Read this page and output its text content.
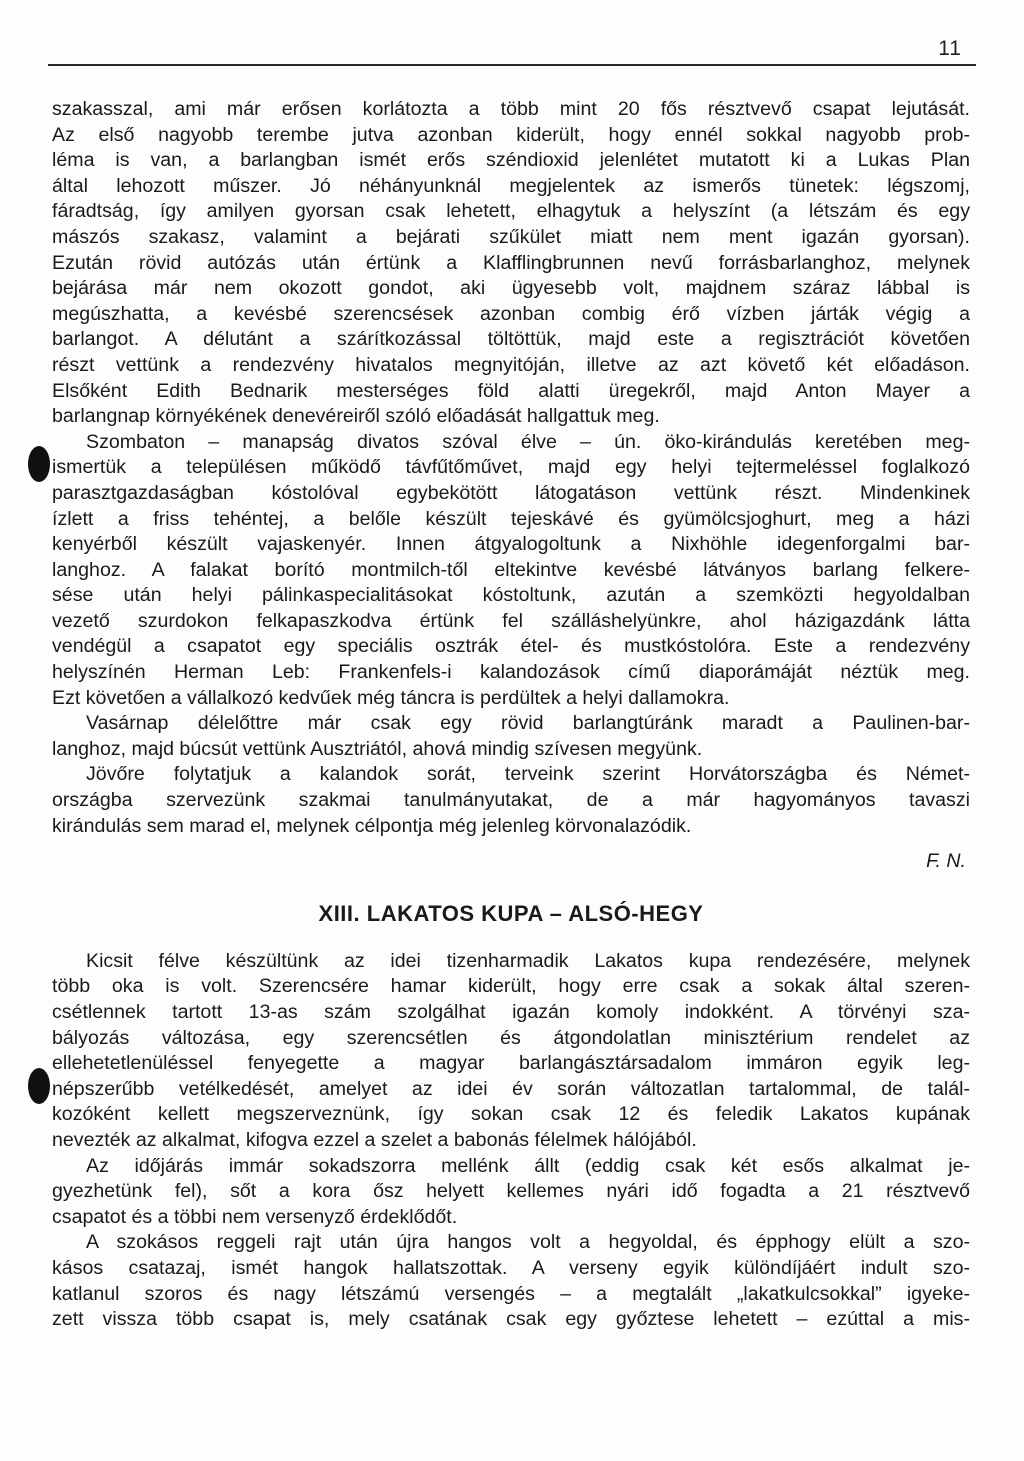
11
szakasszal, ami már erősen korlátozta a több mint 20 fős résztvevő csapat lejutását.
Az első nagyobb terembe jutva azonban kiderült, hogy ennél sokkal nagyobb prob-
léma is van, a barlangban ismét erős széndioxid jelenlétet mutatott ki a Lukas Plan
által lehozott műszer. Jó néhányunknál megjelentek az ismerős tünetek: légszomj,
fáradtság, így amilyen gyorsan csak lehetett, elhagytuk a helyszínt (a létszám és egy
mászós szakasz, valamint a bejárati szűkület miatt nem ment igazán gyorsan).
Ezután rövid autózás után értünk a Klafflingbrunnen nevű forrásbarlanghoz, melynek
bejárása már nem okozott gondot, aki ügyesebb volt, majdnem száraz lábbal is
megúszhatta, a kevésbé szerencsések azonban combig érő vízben járták végig a
barlangot. A délutánt a szárítkozással töltöttük, majd este a regisztrációt követően
részt vettünk a rendezvény hivatalos megnyitóján, illetve az azt követő két előadáson.
Elsőként Edith Bednarik mesterséges föld alatti üregekről, majd Anton Mayer a
barlangnap környékének denevéreiről szóló előadását hallgattuk meg.
Szombaton – manapság divatos szóval élve – ún. öko-kirándulás keretében meg-
ismertük a településen működő távfűtőművet, majd egy helyi tejtermeléssel foglalkozó
parasztgazdaságban kóstolóval egybekötött látogatáson vettünk részt. Mindenkinek
ízlett a friss tehéntej, a belőle készült tejeskávé és gyümölcsjoghurt, meg a házi
kenyérből készült vajaskenyér. Innen átgyalogoltunk a Nixhöhle idegenforgalmi bar-
langhoz. A falakat borító montmilch-től eltekintve kevésbé látványos barlang felkere-
sése után helyi pálinkaspecialitásokat kóstoltunk, azután a szemközti hegyoldalban
vezető szurdokon felkapaszkodva értünk fel szálláshelyünkre, ahol házigazdánk látta
vendégül a csapatot egy speciális osztrák étel- és mustkóstolóra. Este a rendezvény
helyszínén Herman Leb: Frankenfels-i kalandozások című diaporámáját néztük meg.
Ezt követően a vállalkozó kedvűek még táncra is perdültek a helyi dallamokra.
Vasárnap délelőttre már csak egy rövid barlangtúránk maradt a Paulinen-bar-
langhoz, majd búcsút vettünk Ausztriától, ahová mindig szívesen megyünk.
Jövőre folytatjuk a kalandok sorát, terveink szerint Horvátországba és Német-
országba szervezünk szakmai tanulmányutakat, de a már hagyományos tavaszi
kirándulás sem marad el, melynek célpontja még jelenleg körvonalazódik.
F. N.
XIII. LAKATOS KUPA – ALSÓ-HEGY
Kicsit félve készültünk az idei tizenharmadik Lakatos kupa rendezésére, melynek
több oka is volt. Szerencsére hamar kiderült, hogy erre csak a sokak által szeren-
csétlennek tartott 13-as szám szolgálhat igazán komoly indokként. A törvényi sza-
bályozás változása, egy szerencsétlen és átgondolatlan minisztérium rendelet az
ellehetetlenüléssel fenyegette a magyar barlangásztársadalom immáron egyik leg-
népszerűbb vetélkedését, amelyet az idei év során változatlan tartalommal, de talál-
kozóként kellett megszerveznünk, így sokan csak 12 és feledik Lakatos kupának
nevezték az alkalmat, kifogva ezzel a szelet a babonás félelmek hálójából.
Az időjárás immár sokadszorra mellénk állt (eddig csak két esős alkalmat je-
gyezhetünk fel), sőt a kora ősz helyett kellemes nyári idő fogadta a 21 résztvevő
csapatot és a többi nem versenyző érdeklődőt.
A szokásos reggeli rajt után újra hangos volt a hegyoldal, és épphogy elült a szo-
kásos csatazaj, ismét hangok hallatszottak. A verseny egyik különdíjáért indult szo-
katlanul szoros és nagy létszámú versengés – a megtalált „lakatkulcsokkal” igyeke-
zett vissza több csapat is, mely csatának csak egy győztese lehetett – ezúttal a mis-
